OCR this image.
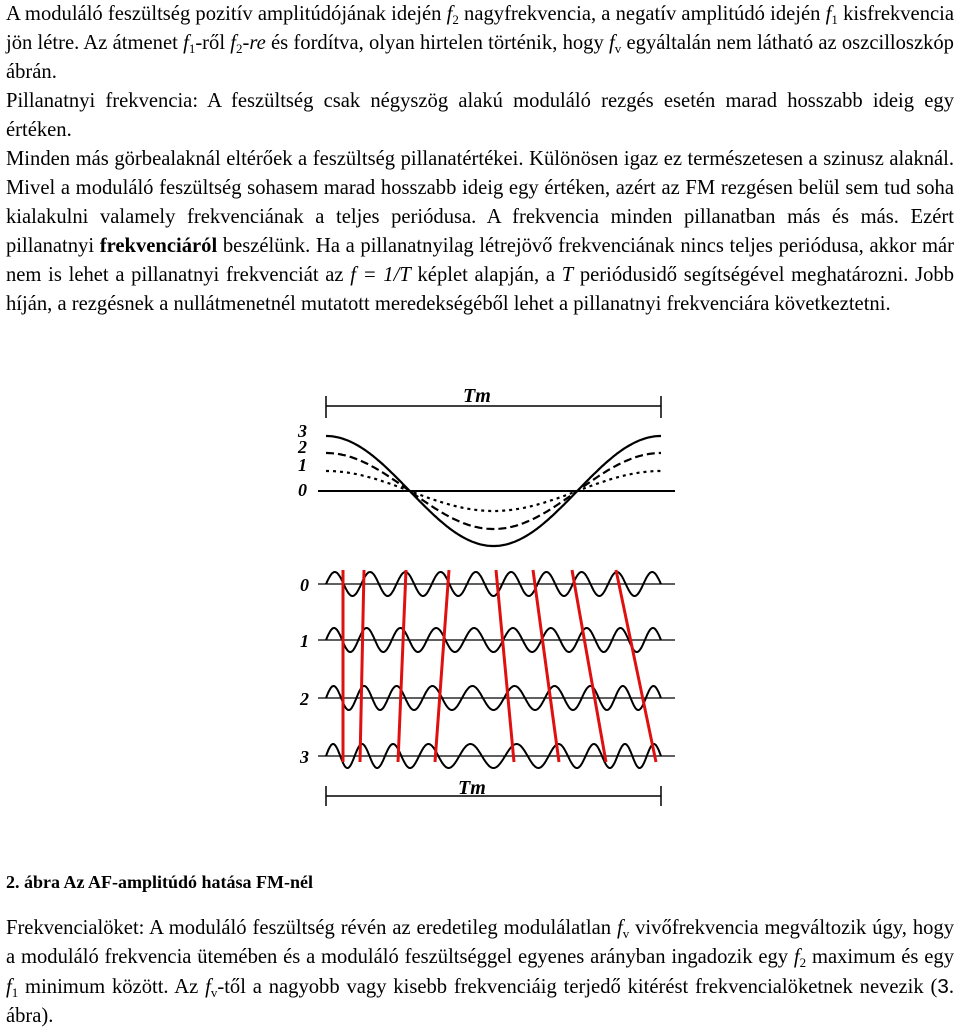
A moduláló feszültség pozitív amplitúdójának idején $f_2$ nagyfrekvencia, a negatív amplitúdó idején $f_1$ kisfrekvencia jön létre. Az átmenet $f_1$-ről $f_2-re$ és fordítva, olyan hirtelen történik, hogy $f_v$ egyáltalán nem látható az oszcilloszkóp ábrán.

Pillanatnyi frekvencia: A feszültség csak négyszög alakú moduláló rezgés esetén marad hosszabb ideig egy értéken.

Minden más görbealaknál eltérőek a feszültség pillanatértékei. Különösen igaz ez természetesen a szinusz alaknál. Mivel a moduláló feszültség sohasem marad hosszabb ideig egy értéken, azért az FM rezgésen belül sem tud soha kialakulni valamely frekvenciának a teljes periódusa. A frekvencia minden pillanatban más és más. Ezért pillanatnyi frekvenciáról beszélünk. Ha a pillanatnyilag létrejövő frekvenciának nincs teljes periódusa, akkor már nem is lehet a pillanatnyi frekvenciát az f = 1/T képlet alapján, a T periódusidő segítségével meghatározni. Jobb híján, a rezgésnek a nullátmenetnél mutatott meredekségéből lehet a pillanatnyi frekvenciára következtetni.

Tm
3
2
1
0
0
1
2
3
Tm
2. ábra Az AF-amplitúdó hatása FM-nél

Frekvencialöket: A moduláló feszültség révén az eredetileg modulálatlan $f_v$ vivőfrekvencia megváltozik úgy, hogy a moduláló frekvencia ütemében és a moduláló feszültséggel egyenes arányban ingadozik egy $f_2$ maximum és egy $f_1$ minimum között. Az $f_v$-től a nagyobb vagy kisebb frekvenciáig terjedő kitérést frekvencialöketnek nevezik (3. ábra).
